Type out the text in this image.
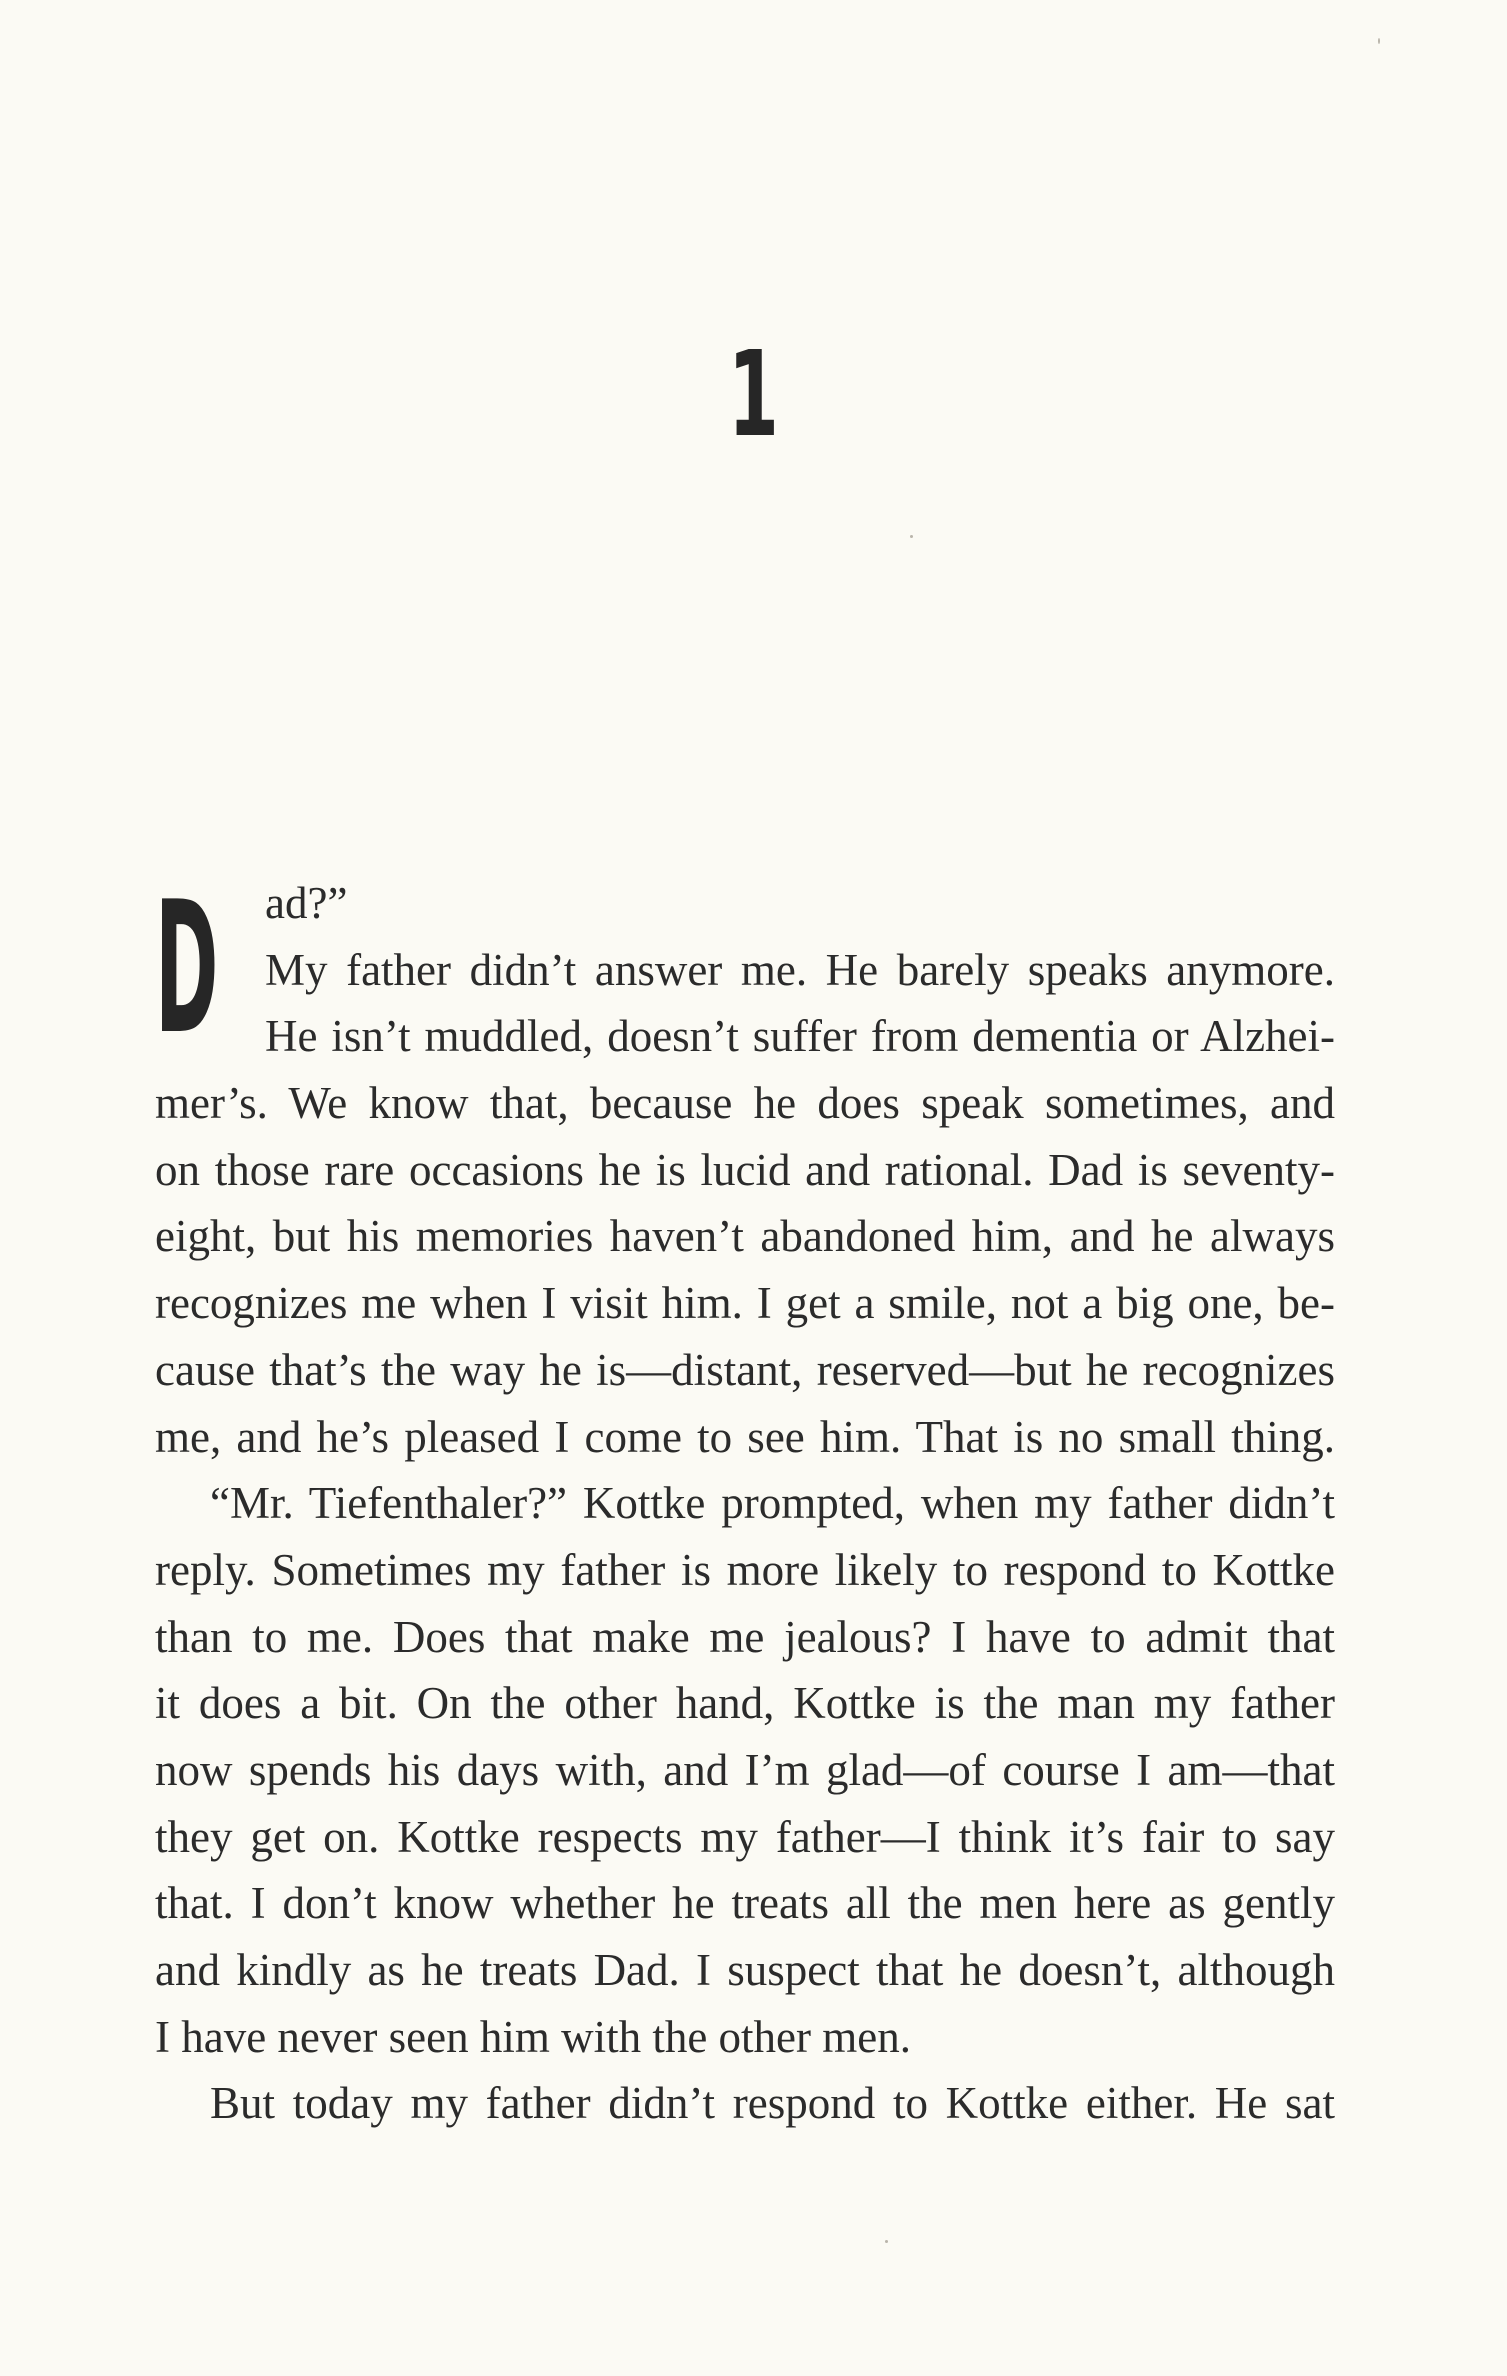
1
D	ad?”
My father didn’t answer me. He barely speaks anymore.
He isn’t muddled, doesn’t suffer from dementia or Alzhei-
mer’s. We know that, because he does speak sometimes, and
on those rare occasions he is lucid and rational. Dad is seventy-
eight, but his memories haven’t abandoned him, and he always
recognizes me when I visit him. I get a smile, not a big one, be-
cause that’s the way he is—distant, reserved—but he recognizes
me, and he’s pleased I come to see him. That is no small thing.
“Mr. Tiefenthaler?” Kottke prompted, when my father didn’t
reply. Sometimes my father is more likely to respond to Kottke
than to me. Does that make me jealous? I have to admit that
it does a bit. On the other hand, Kottke is the man my father
now spends his days with, and I’m glad—of course I am—that
they get on. Kottke respects my father—I think it’s fair to say
that. I don’t know whether he treats all the men here as gently
and kindly as he treats Dad. I suspect that he doesn’t, although
I have never seen him with the other men.
But today my father didn’t respond to Kottke either. He sat
